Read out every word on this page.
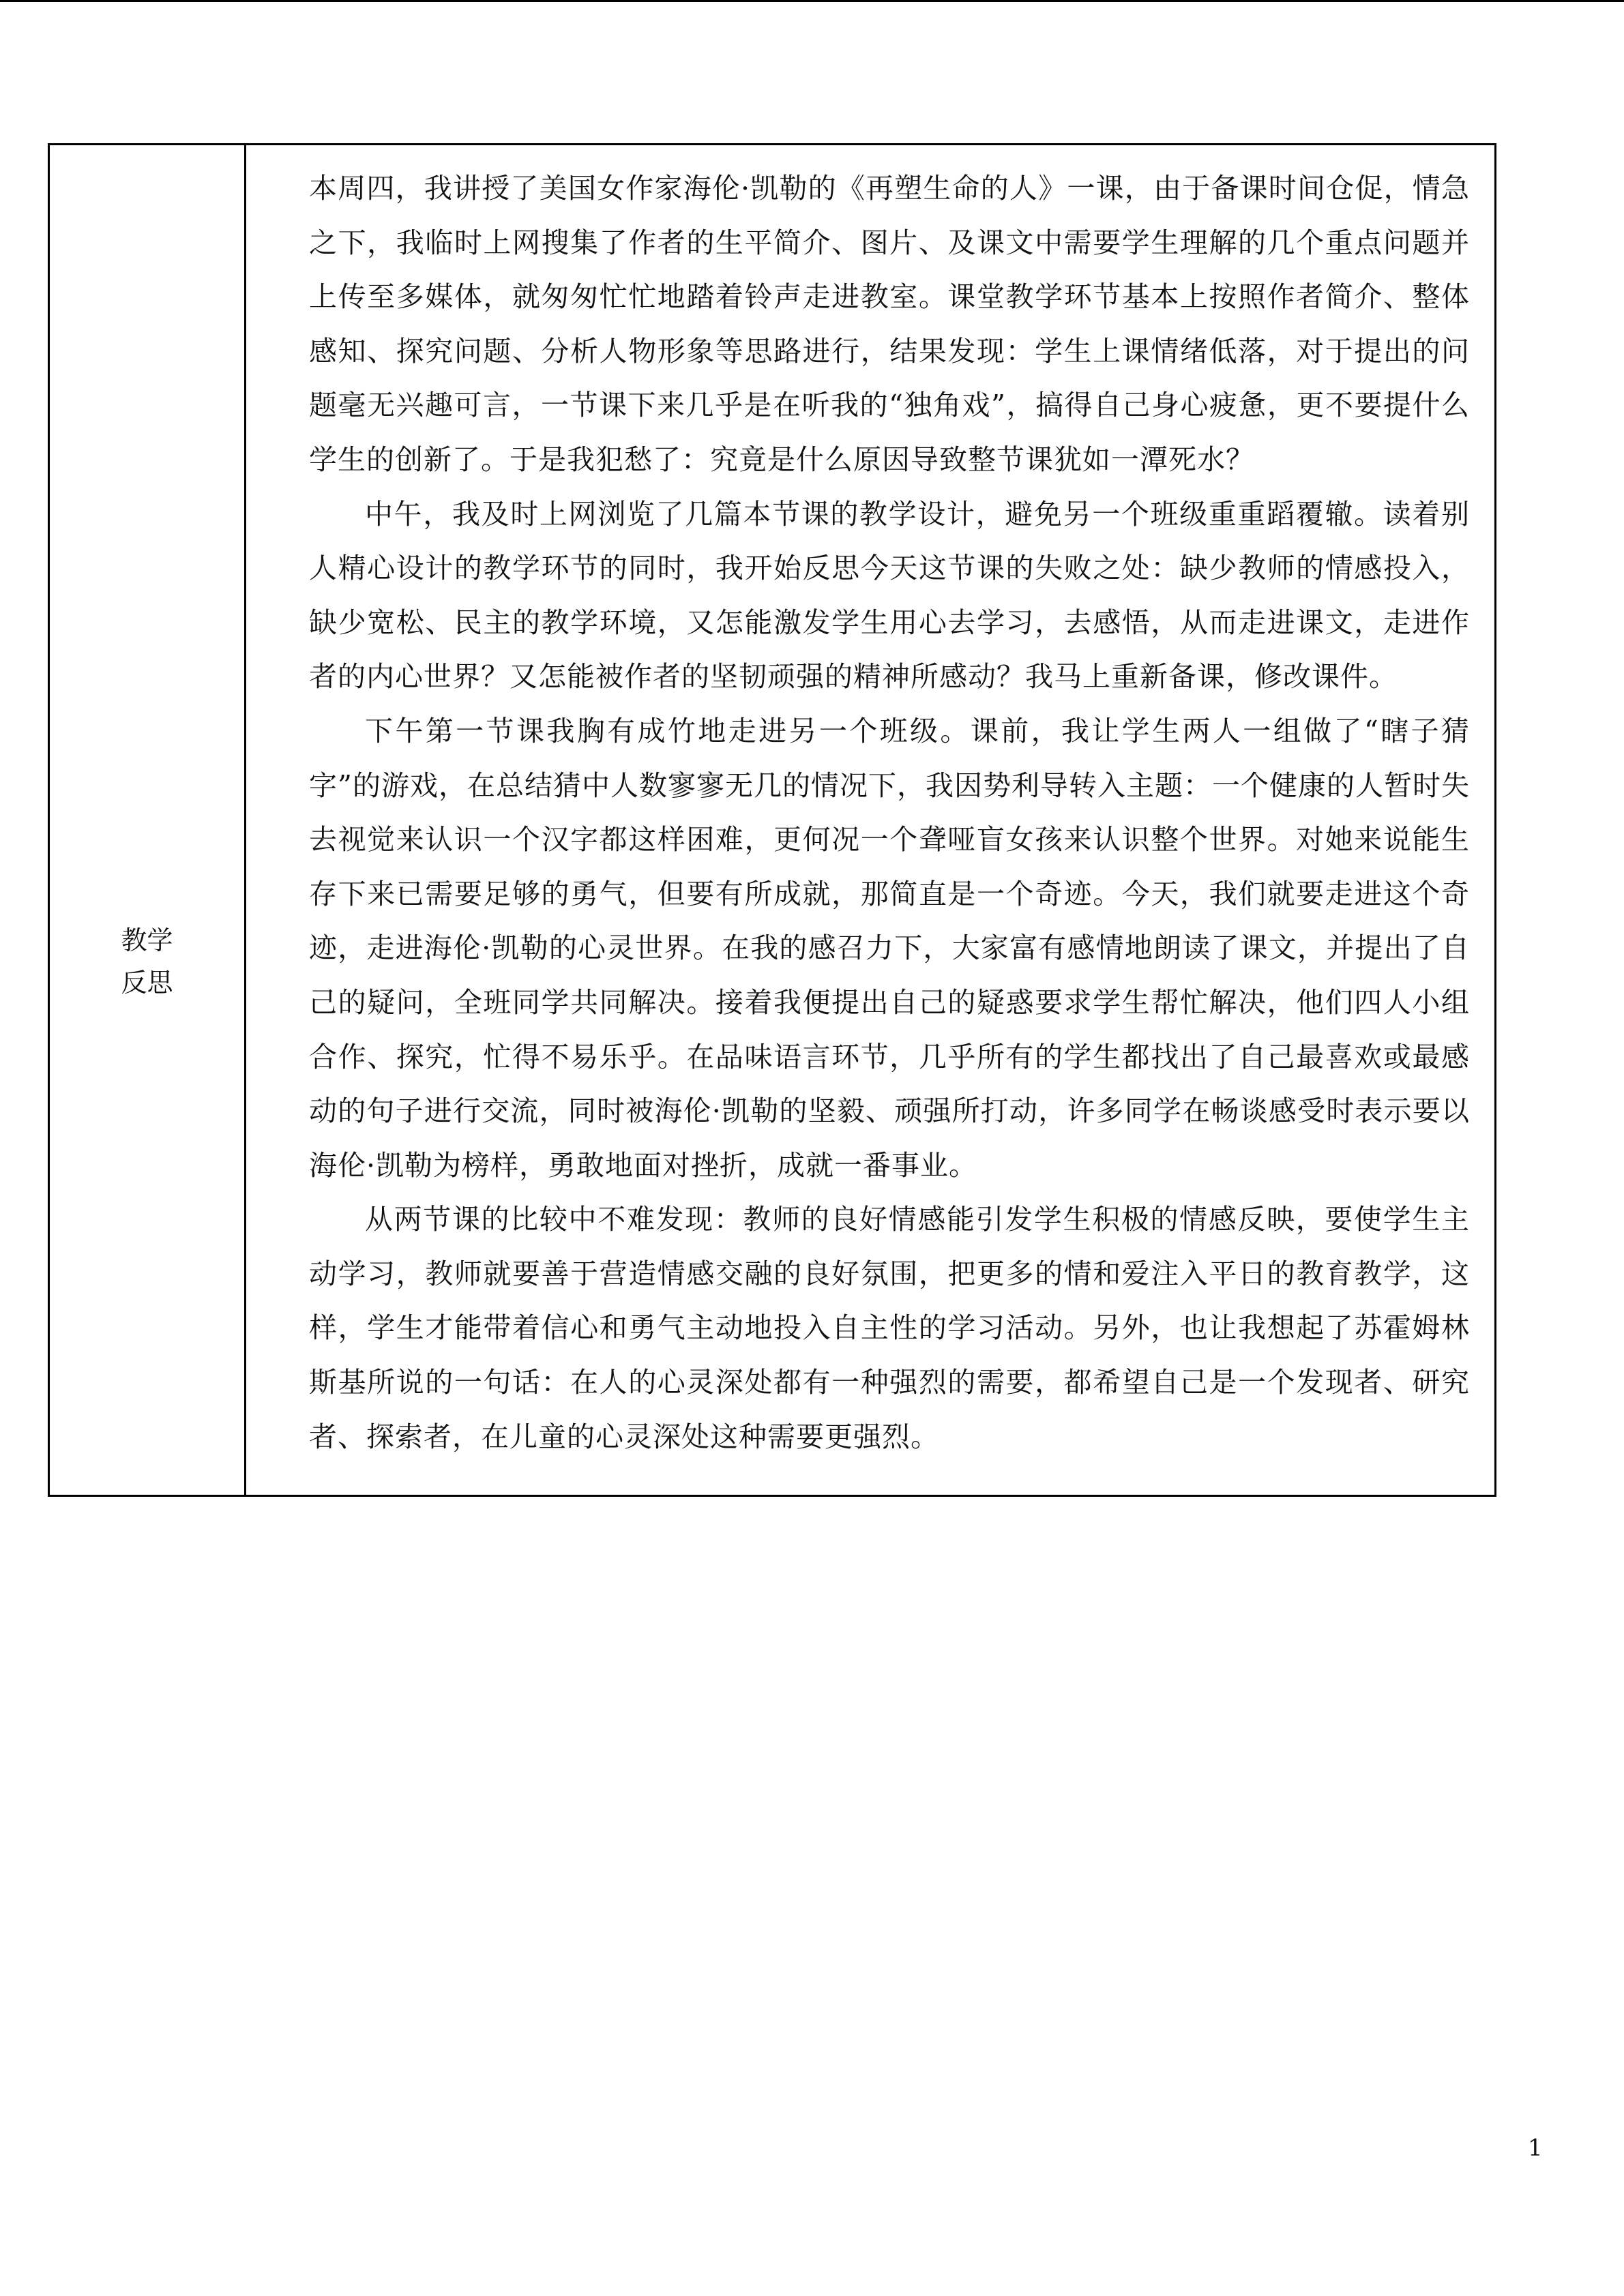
教学
反思

本周四，我讲授了美国女作家海伦·凯勒的《再塑生命的人》一课，由于备课时间仓促，情急之下，我临时上网搜集了作者的生平简介、图片、及课文中需要学生理解的几个重点问题并上传至多媒体，就匆匆忙忙地踏着铃声走进教室。课堂教学环节基本上按照作者简介、整体感知、探究问题、分析人物形象等思路进行，结果发现：学生上课情绪低落，对于提出的问题毫无兴趣可言，一节课下来几乎是在听我的“独角戏”，搞得自己身心疲惫，更不要提什么学生的创新了。于是我犯愁了：究竟是什么原因导致整节课犹如一潭死水？

中午，我及时上网浏览了几篇本节课的教学设计，避免另一个班级重重蹈覆辙。读着别人精心设计的教学环节的同时，我开始反思今天这节课的失败之处：缺少教师的情感投入，缺少宽松、民主的教学环境，又怎能激发学生用心去学习，去感悟，从而走进课文，走进作者的内心世界？又怎能被作者的坚韧顽强的精神所感动？我马上重新备课，修改课件。

下午第一节课我胸有成竹地走进另一个班级。课前，我让学生两人一组做了“瞎子猜字”的游戏，在总结猜中人数寥寥无几的情况下，我因势利导转入主题：一个健康的人暂时失去视觉来认识一个汉字都这样困难，更何况一个聋哑盲女孩来认识整个世界。对她来说能生存下来已需要足够的勇气，但要有所成就，那简直是一个奇迹。今天，我们就要走进这个奇迹，走进海伦·凯勒的心灵世界。在我的感召力下，大家富有感情地朗读了课文，并提出了自己的疑问，全班同学共同解决。接着我便提出自己的疑惑要求学生帮忙解决，他们四人小组合作、探究，忙得不易乐乎。在品味语言环节，几乎所有的学生都找出了自己最喜欢或最感动的句子进行交流，同时被海伦·凯勒的坚毅、顽强所打动，许多同学在畅谈感受时表示要以海伦·凯勒为榜样，勇敢地面对挫折，成就一番事业。

从两节课的比较中不难发现：教师的良好情感能引发学生积极的情感反映，要使学生主动学习，教师就要善于营造情感交融的良好氛围，把更多的情和爱注入平日的教育教学，这样，学生才能带着信心和勇气主动地投入自主性的学习活动。另外，也让我想起了苏霍姆林斯基所说的一句话：在人的心灵深处都有一种强烈的需要，都希望自己是一个发现者、研究者、探索者，在儿童的心灵深处这种需要更强烈。

1
